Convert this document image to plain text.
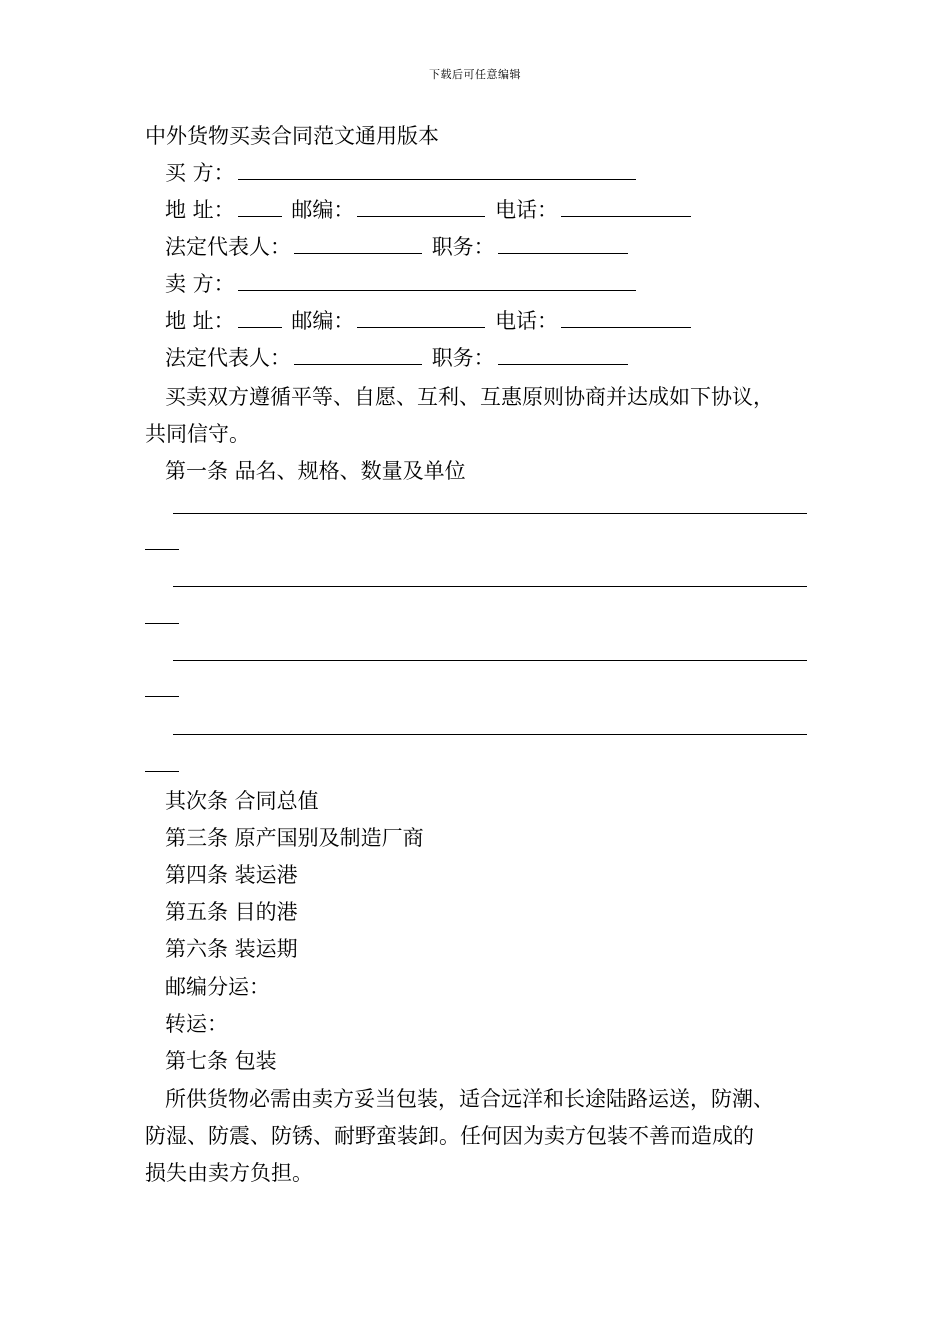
下载后可任意编辑
中外货物买卖合同范文通用版本
买 方：
地 址：	邮编：	电话：
法定代表人：	职务：
卖 方：
地 址：	邮编：	电话：
法定代表人：	职务：
买卖双方遵循平等、自愿、互利、互惠原则协商并达成如下协议，
共同信守。
第一条 品名、规格、数量及单位
其次条 合同总值
第三条 原产国别及制造厂商
第四条 装运港
第五条 目的港
第六条 装运期
邮编分运：
转运：
第七条 包装
所供货物必需由卖方妥当包装，适合远洋和长途陆路运送，防潮、
防湿、防震、防锈、耐野蛮装卸。任何因为卖方包装不善而造成的
损失由卖方负担。
